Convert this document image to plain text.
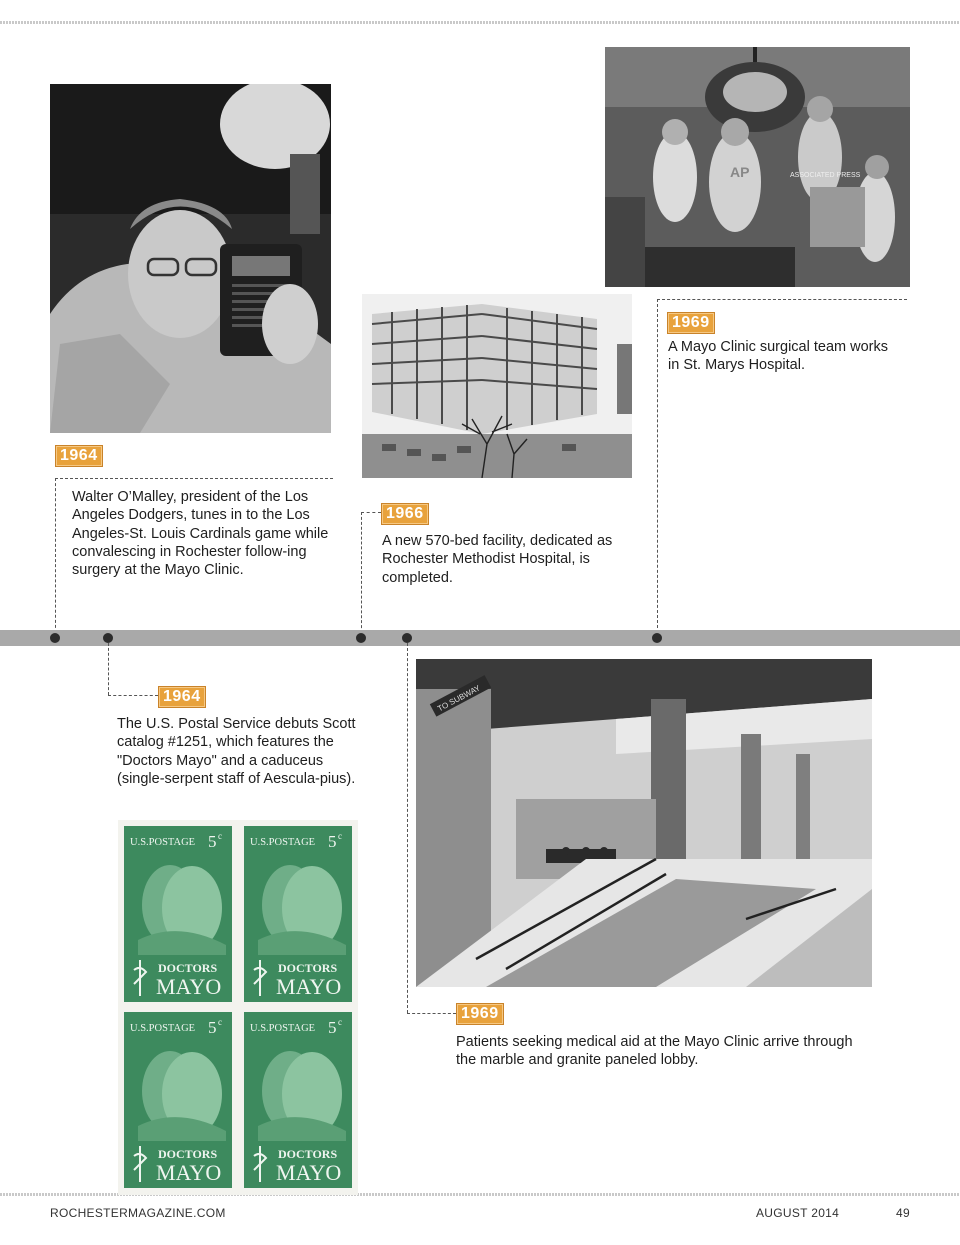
1964
Walter O’Malley, president of the Los Angeles Dodgers, tunes in to the Los Angeles-St. Louis Cardinals game while convalescing in Rochester follow-ing surgery at the Mayo Clinic.
1966
A new 570-bed facility, dedicated as Rochester Methodist Hospital, is completed.
AP	ASSOCIATED PRESS
1969
A Mayo Clinic surgical team works in St. Marys Hospital.
1964
The U.S. Postal Service debuts Scott catalog #1251, which features the "Doctors Mayo" and a caduceus (single-serpent staff of Aescula-pius).
U.S.POSTAGE 5 c
DOCTORS
MAYO
U.S.POSTAGE 5 c
DOCTORS
MAYO
U.S.POSTAGE 5 c
DOCTORS
MAYO
U.S.POSTAGE 5 c
DOCTORS
MAYO
TO SUBWAY
1969
Patients seeking medical aid at the Mayo Clinic arrive through the marble and granite paneled lobby.
ROCHESTERMAGAZINE.COM	AUGUST 2014	49
